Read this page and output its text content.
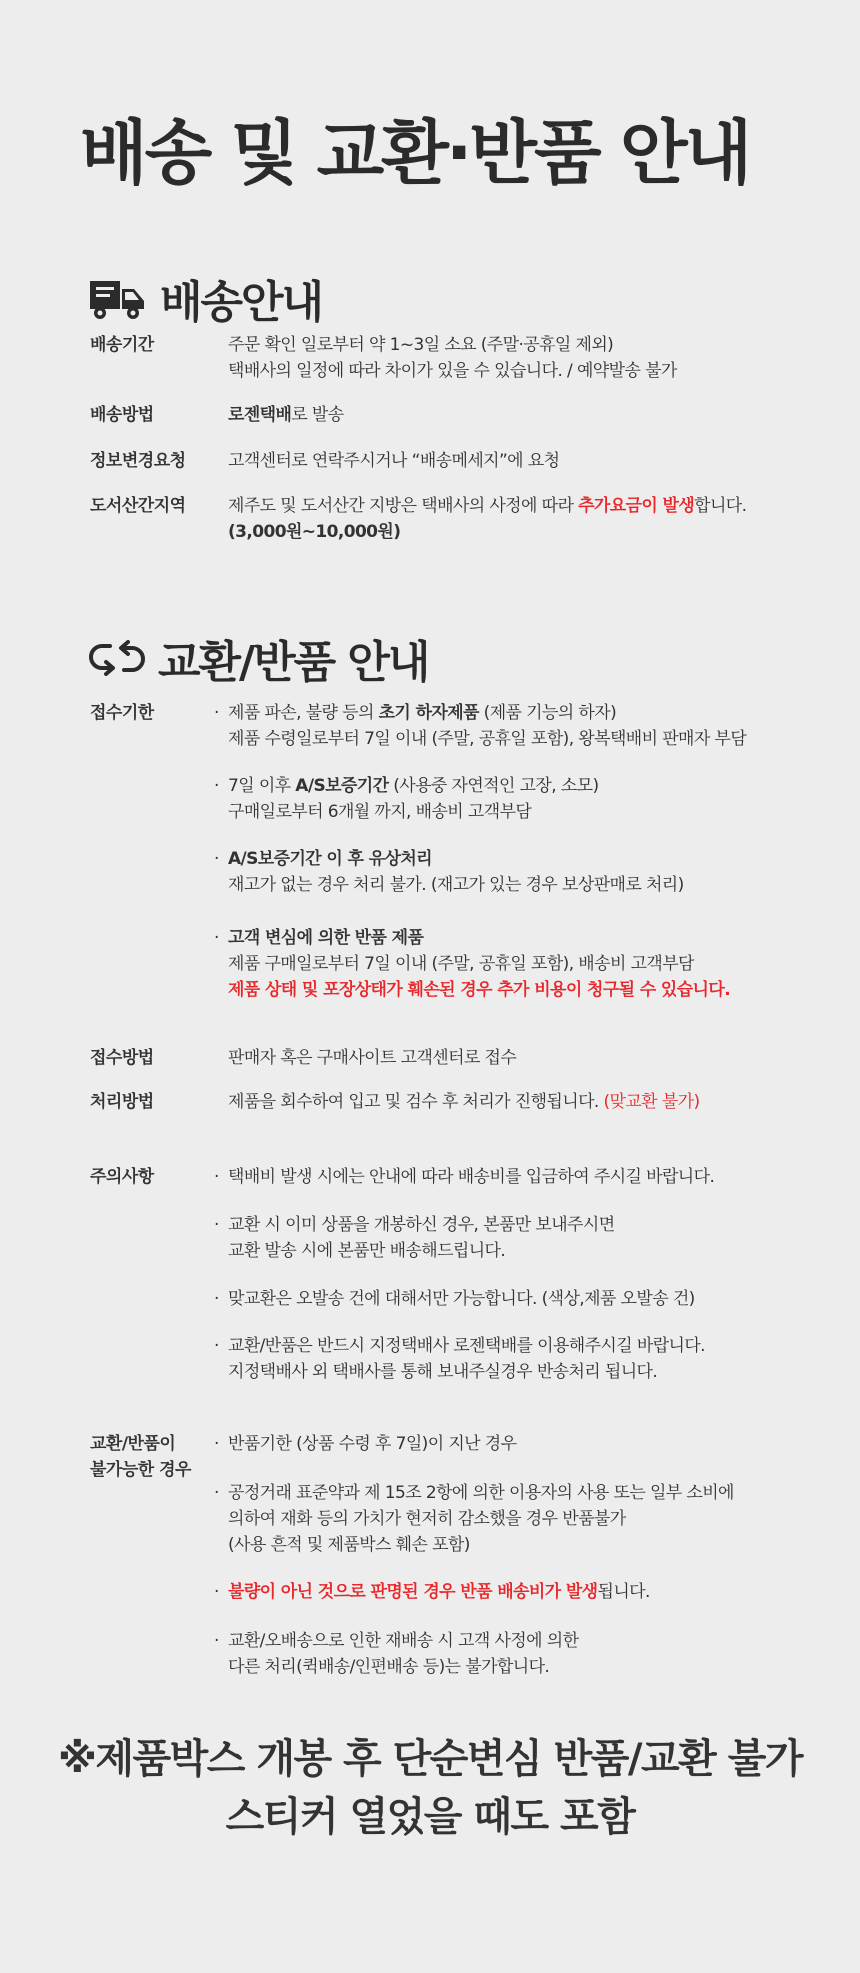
배송 및 교환·반품 안내
배송안내
배송기간	주문 확인 일로부터 약 1~3일 소요 (주말·공휴일 제외)
택배사의 일정에 따라 차이가 있을 수 있습니다. / 예약발송 불가
배송방법	로젠택배로 발송
정보변경요청 고객센터로 연락주시거나 “배송메세지”에 요청
도서산간지역 제주도 및 도서산간 지방은 택배사의 사정에 따라 추가요금이 발생합니다.
(3,000원~10,000원)
교환/반품 안내
접수기한	· 제품 파손, 불량 등의 초기 하자제품 (제품 기능의 하자)
제품 수령일로부터 7일 이내 (주말, 공휴일 포함), 왕복택배비 판매자 부담
· 7일 이후 A/S보증기간 (사용중 자연적인 고장, 소모)
구매일로부터 6개월 까지, 배송비 고객부담
· A/S보증기간 이 후 유상처리
재고가 없는 경우 처리 불가. (재고가 있는 경우 보상판매로 처리)
· 고객 변심에 의한 반품 제품
제품 구매일로부터 7일 이내 (주말, 공휴일 포함), 배송비 고객부담
제품 상태 및 포장상태가 훼손된 경우 추가 비용이 청구될 수 있습니다.
접수방법	판매자 혹은 구매사이트 고객센터로 접수
처리방법	제품을 회수하여 입고 및 검수 후 처리가 진행됩니다. (맞교환 불가)
주의사항	· 택배비 발생 시에는 안내에 따라 배송비를 입금하여 주시길 바랍니다.
· 교환 시 이미 상품을 개봉하신 경우, 본품만 보내주시면
교환 발송 시에 본품만 배송해드립니다.
· 맞교환은 오발송 건에 대해서만 가능합니다. (색상,제품 오발송 건)
· 교환/반품은 반드시 지정택배사 로젠택배를 이용해주시길 바랍니다.
지정택배사 외 택배사를 통해 보내주실경우 반송처리 됩니다.
교환/반품이
불가능한 경우
· 반품기한 (상품 수령 후 7일)이 지난 경우
· 공정거래 표준약과 제 15조 2항에 의한 이용자의 사용 또는 일부 소비에
의하여 재화 등의 가치가 현저히 감소했을 경우 반품불가
(사용 흔적 및 제품박스 훼손 포함)
· 불량이 아닌 것으로 판명된 경우 반품 배송비가 발생됩니다.
· 교환/오배송으로 인한 재배송 시 고객 사정에 의한
다른 처리(퀵배송/인편배송 등)는 불가합니다.
※제품박스 개봉 후 단순변심 반품/교환 불가
스티커 열었을 때도 포함
